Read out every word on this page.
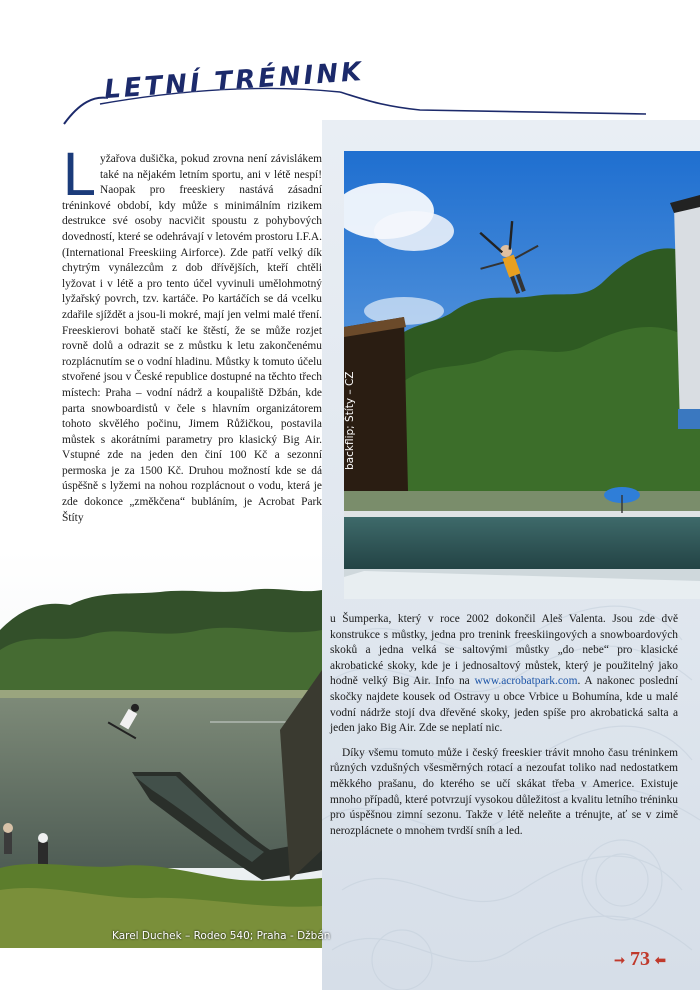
LETNÍ TRÉNINK

Lyžařova dušička, pokud zrovna není závislákem také na nějakém letním sportu, ani v létě nespí! Naopak pro freeskiery nastává zásadní tréninkové období, kdy může s minimálním rizikem destrukce své osoby nacvičit spoustu z pohybových dovedností, které se odehrávají v letovém prostoru I.F.A. (International Freeskiing Airforce). Zde patří velký dík chytrým vynálezcům z dob dřívějších, kteří chtěli lyžovat i v létě a pro tento účel vyvinuli umělohmotný lyžařský povrch, tzv. kartáče. Po kartáčích se dá vcelku zdařile sjíždět a jsou-li mokré, mají jen velmi malé tření. Freeskierovi bohatě stačí ke štěstí, že se může rozjet rovně dolů a odrazit se z můstku k letu zakončenému rozplácnutím se o vodní hladinu. Můstky k tomuto účelu stvořené jsou v České republice dostupné na těchto třech místech: Praha – vodní nádrž a koupaliště Džbán, kde parta snowboardistů v čele s hlavním organizátorem tohoto skvělého počinu, Jimem Růžičkou, postavila můstek s akorátními parametry pro klasický Big Air. Vstupné zde na jeden den činí 100 Kč a sezonní permoska je za 1500 Kč. Druhou možností kde se dá úspěšně s lyžemi na nohou rozplácnout o vodu, která je zde dokonce „změkčena“ bubláním, je Acrobat Park Štíty

backflip; Štíty – CZ
Karel Duchek – Rodeo 540; Praha - Džbán

u Šumperka, který v roce 2002 dokončil Aleš Valenta. Jsou zde dvě konstrukce s můstky, jedna pro trenink freeskiingových a snowboardových skoků a jedna velká se saltovými můstky „do nebe“ pro klasické akrobatické skoky, kde je i jednosaltový můstek, který je použitelný jako hodně velký Big Air. Info na www.acrobatpark.com. A nakonec poslední skočky najdete kousek od Ostravy u obce Vrbice u Bohumína, kde u malé vodní nádrže stojí dva dřevěné skoky, jeden spíše pro akrobatická salta a jeden jako Big Air. Zde se neplatí nic.

Díky všemu tomuto může i český freeskier trávit mnoho času tréninkem různých vzdušných všesměrných rotací a nezoufat toliko nad nedostatkem měkkého prašanu, do kterého se učí skákat třeba v Americe. Existuje mnoho případů, které potvrzují vysokou důležitost a kvalitu letního tréninku pro úspěšnou zimní sezonu. Takže v létě neleňte a trénujte, ať se v zimě nerozplácnete o mnohem tvrdší sníh a led.

➞ 73 ⬅
